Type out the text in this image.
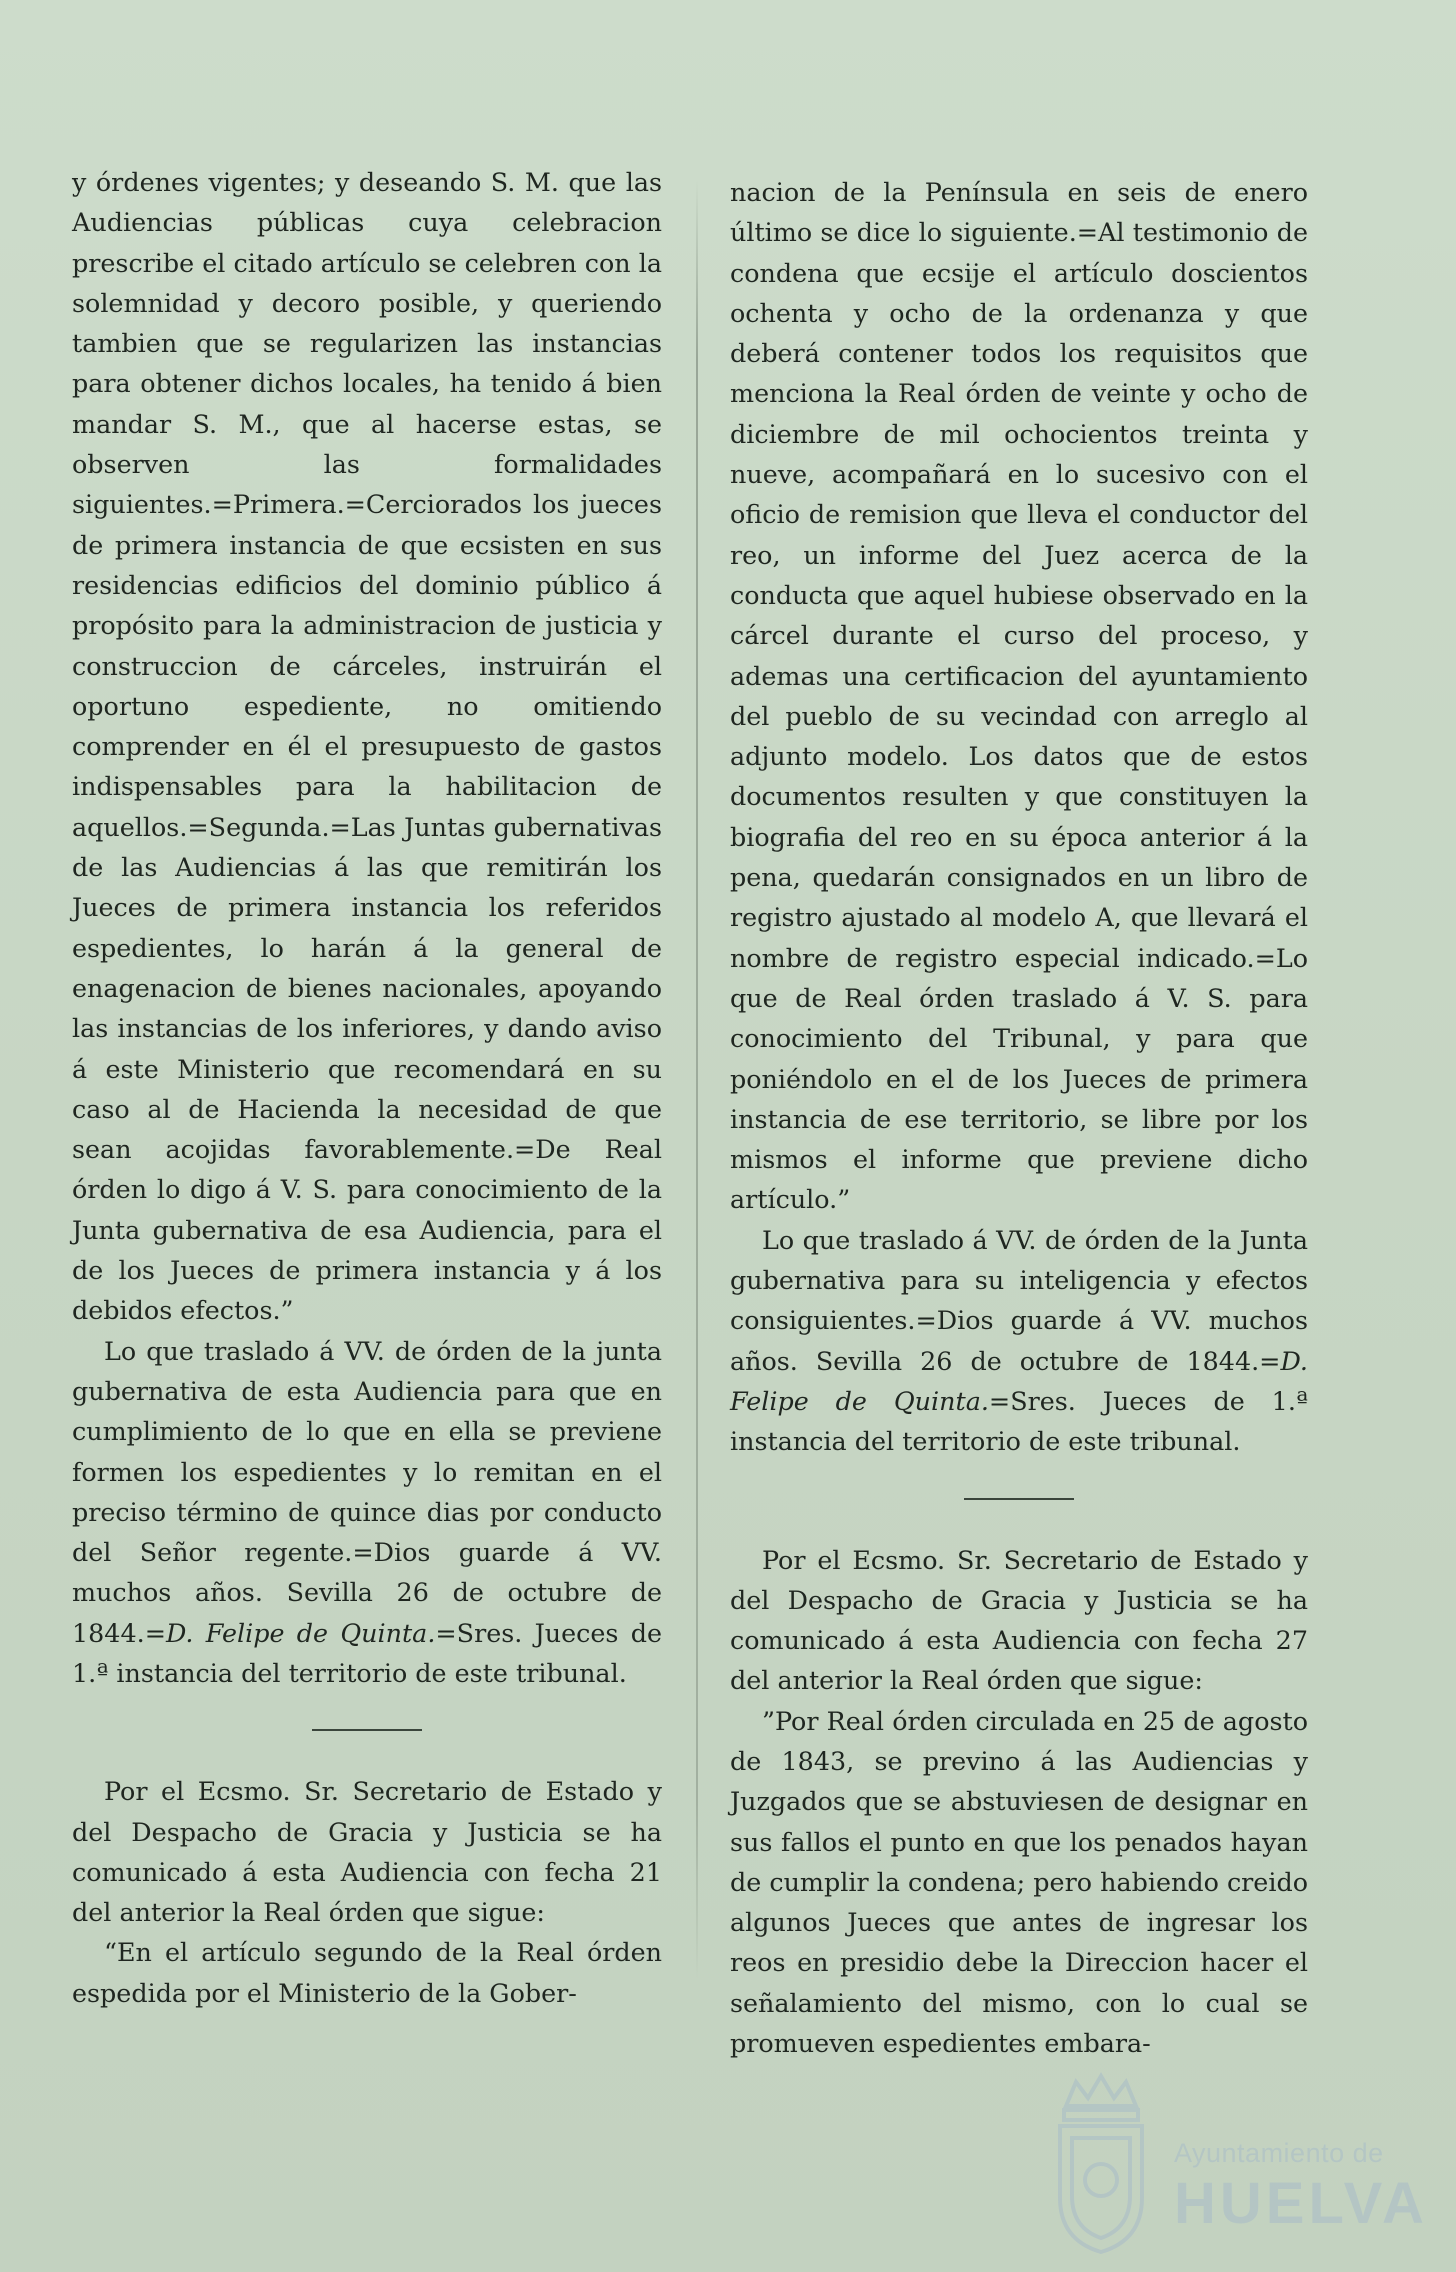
y órdenes vigentes; y deseando S. M. que las Audiencias públicas cuya celebracion prescribe el citado artículo se celebren con la solemnidad y decoro posible, y queriendo tambien que se regularizen las instancias para obtener dichos locales, ha tenido á bien mandar S. M., que al hacerse estas, se observen las formalidades siguientes.=Primera.=Cerciorados los jueces de primera instancia de que ecsisten en sus residencias edificios del dominio público á propósito para la administracion de justicia y construccion de cárceles, instruirán el oportuno espediente, no omitiendo comprender en él el presupuesto de gastos indispensables para la habilitacion de aquellos.=Segunda.=Las Juntas gubernativas de las Audiencias á las que remitirán los Jueces de primera instancia los referidos espedientes, lo harán á la general de enagenacion de bienes nacionales, apoyando las instancias de los inferiores, y dando aviso á este Ministerio que recomendará en su caso al de Hacienda la necesidad de que sean acojidas favorablemente.=De Real órden lo digo á V. S. para conocimiento de la Junta gubernativa de esa Audiencia, para el de los Jueces de primera instancia y á los debidos efectos.”

Lo que traslado á VV. de órden de la junta gubernativa de esta Audiencia para que en cumplimiento de lo que en ella se previene formen los espedientes y lo remitan en el preciso término de quince dias por conducto del Señor regente.=Dios guarde á VV. muchos años. Sevilla 26 de octubre de 1844.=D. Felipe de Quinta.=Sres. Jueces de 1.ª instancia del territorio de este tribunal.

Por el Ecsmo. Sr. Secretario de Estado y del Despacho de Gracia y Justicia se ha comunicado á esta Audiencia con fecha 21 del anterior la Real órden que sigue:

“En el artículo segundo de la Real órden espedida por el Ministerio de la Gober-

nacion de la Península en seis de enero último se dice lo siguiente.=Al testimonio de condena que ecsije el artículo doscientos ochenta y ocho de la ordenanza y que deberá contener todos los requisitos que menciona la Real órden de veinte y ocho de diciembre de mil ochocientos treinta y nueve, acompañará en lo sucesivo con el oficio de remision que lleva el conductor del reo, un informe del Juez acerca de la conducta que aquel hubiese observado en la cárcel durante el curso del proceso, y ademas una certificacion del ayuntamiento del pueblo de su vecindad con arreglo al adjunto modelo. Los datos que de estos documentos resulten y que constituyen la biografia del reo en su época anterior á la pena, quedarán consignados en un libro de registro ajustado al modelo A, que llevará el nombre de registro especial indicado.=Lo que de Real órden traslado á V. S. para conocimiento del Tribunal, y para que poniéndolo en el de los Jueces de primera instancia de ese territorio, se libre por los mismos el informe que previene dicho artículo.”

Lo que traslado á VV. de órden de la Junta gubernativa para su inteligencia y efectos consiguientes.=Dios guarde á VV. muchos años. Sevilla 26 de octubre de 1844.=D. Felipe de Quinta.=Sres. Jueces de 1.ª instancia del territorio de este tribunal.

Por el Ecsmo. Sr. Secretario de Estado y del Despacho de Gracia y Justicia se ha comunicado á esta Audiencia con fecha 27 del anterior la Real órden que sigue:

”Por Real órden circulada en 25 de agosto de 1843, se previno á las Audiencias y Juzgados que se abstuviesen de designar en sus fallos el punto en que los penados hayan de cumplir la condena; pero habiendo creido algunos Jueces que antes de ingresar los reos en presidio debe la Direccion hacer el señalamiento del mismo, con lo cual se promueven espedientes embara-

Ayuntamiento de
HUELVA
